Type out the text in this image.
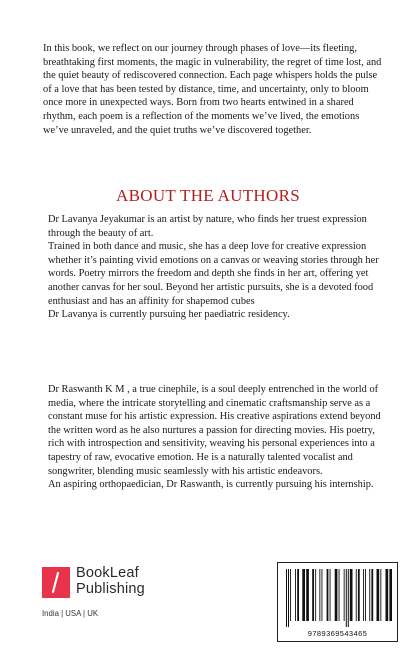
In this book, we reflect on our journey through phases of love—its fleeting, breathtaking first moments, the magic in vulnerability, the regret of time lost, and the quiet beauty of rediscovered connection. Each page whispers holds the pulse of a love that has been tested by distance, time, and uncertainty, only to bloom once more in unexpected ways. Born from two hearts entwined in a shared rhythm, each poem is a reflection of the moments we’ve lived, the emotions we’ve unraveled, and the quiet truths we’ve discovered together.

ABOUT THE AUTHORS
Dr Lavanya Jeyakumar is an artist by nature, who finds her truest expression through the beauty of art.
Trained in both dance and music, she has a deep love for creative expression
whether it’s painting vivid emotions on a canvas or weaving stories through her words. Poetry mirrors the freedom and depth she finds in her art, offering yet another canvas for her soul. Beyond her artistic pursuits, she is a devoted food enthusiast and has an affinity for shapemod cubes
Dr Lavanya is currently pursuing her paediatric residency.
Dr Raswanth K M , a true cinephile, is a soul deeply entrenched in the world of media, where the intricate storytelling and cinematic craftsmanship serve as a constant muse for his artistic expression. His creative aspirations extend beyond the written word as he also nurtures a passion for directing movies. His poetry, rich with introspection and sensitivity, weaving his personal experiences into a tapestry of raw, evocative emotion. He is a naturally talented vocalist and songwriter, blending music seamlessly with his artistic endeavors.
An aspiring orthopaedician, Dr Raswanth, is currently pursuing his internship.
BookLeaf
Publishing
India | USA | UK
9789369543465
